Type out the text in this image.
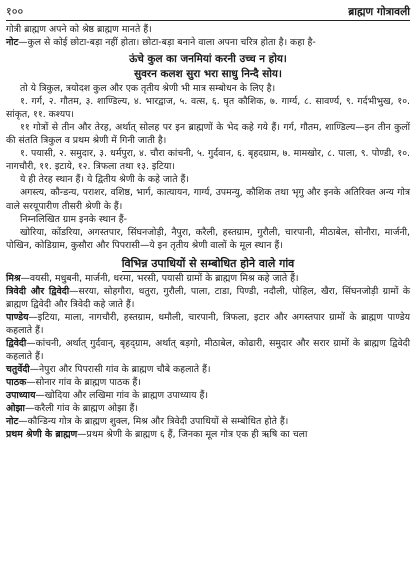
१००	ब्राह्मण गोत्रावली

गोत्री ब्राह्मण अपने को श्रेष्ठ ब्राह्मण मानते हैं।

नोट—कुल से कोई छोटा-बड़ा नहीं होता। छोटा-बड़ा बनाने वाला अपना चरित्र होता है। कहा है-

ऊंचे कुल का जनमियां करनी उच्च न होय।

सुवरन कलश सुरा भरा साधु निन्दै सोय।

तो ये त्रिकुल, त्रयोदश कुल और एक तृतीय श्रेणी भी मात्र सम्बोधन के लिए है।

१. गर्ग, २. गौतम, ३. शाण्डिल्य, ४. भारद्वाज, ५. वत्स, ६. घृत कौशिक, ७. गार्ग्य, ८. सावर्ण्य, ९. गर्दभीभुख, १०. सांकृत, ११. कश्यप।

११ गोत्रों से तीन और तेरह, अर्थात् सोलह पर इन ब्राह्मणों के भेद कहे गये हैं। गर्ग, गौतम, शाण्डिल्य—इन तीन कुलों की संतति त्रिकुल व प्रथम श्रेणी में गिनी जाती है।

१. पयासी, २. समुदार, ३. धर्मपुरा, ४. चौरा कांचनी, ५. गुर्दवान, ६. बृहदग्राम, ७. मामखोर, ८. पाला, ९. पोण्डी, १०. नागचौरी, ११. इटाये, १२. त्रिफला तथा १३. इटिया।

ये ही तेरह स्थान हैं। ये द्वितीय श्रेणी के कहे जाते हैं।

अगस्त्य, कौन्डन्य, पराशर, वशिष्ठ, भार्ग, कात्यायन, गार्ग्य, उपमन्यु, कौशिक तथा भृगु और इनके अतिरिक्त अन्य गोत्र वाले सरयूपारीण तीसरी श्रेणी के हैं।

निम्नलिखित ग्राम इनके स्थान हैं-

खोरिया, कोंडरिया, अगस्तपार, सिंघनजोड़ी, नैपुरा, करैली, हस्तग्राम, गुरौली, चारपानी, मीठाबेल, सोनौरा, मार्जनी, पोखिन, कोडिग्राम, कुसौरा और पिपरासी—ये इन तृतीय श्रेणी वालों के मूल स्थान हैं।

विभिन्न उपाधियों से सम्बोधित होने वाले गांव

मिश्र—वयसी, मधुबनी, मार्जनी, धरमा, भरसी, पयासी ग्रामों के ब्राह्मण मिश्र कहे जाते हैं।

त्रिवेदी और द्विवेदी—सरया, सोहगौरा, धतुरा, गुरौली, पाला, टाडा, पिण्डी, नदौली, पोहिल, खैरा, सिंघनजोड़ी ग्रामों के ब्राह्मण द्विवेदी और त्रिवेदी कहे जाते हैं।

पाण्डेय—इटिया, माला, नागचौरी, हस्तग्राम, धमौली, चारपानी, त्रिफला, इटार और अगस्तपार ग्रामों के ब्राह्मण पाण्डेय कहलाते हैं।

द्विवेदी—कांचनी, अर्थात् गुर्दवान्, बृहद्ग्राम, अर्थात् बड़गो, मीठाबेल, कोढारी, समुदार और सरार ग्रामों के ब्राह्मण द्विवेदी कहलाते हैं।

चतुर्वेदी—नेपुरा और पिपरासी गांव के ब्राह्मण चौबे कहलाते हैं।

पाठक—सोनार गांव के ब्राह्मण पाठक हैं।

उपाध्याय—खोदिया और लखिमा गांव के ब्राह्मण उपाध्याय हैं।

ओझा—करैली गांव के ब्राह्मण ओझा हैं।

नोट—कौन्डिन्य गोत्र के ब्राह्मण शुक्ल, मिश्र और त्रिवेदी उपाधियों से सम्बोधित होते हैं।

प्रथम श्रेणी के ब्राह्मण—प्रथम श्रेणी के ब्राह्मण ६ हैं, जिनका मूल गोत्र एक ही ऋषि का चला
